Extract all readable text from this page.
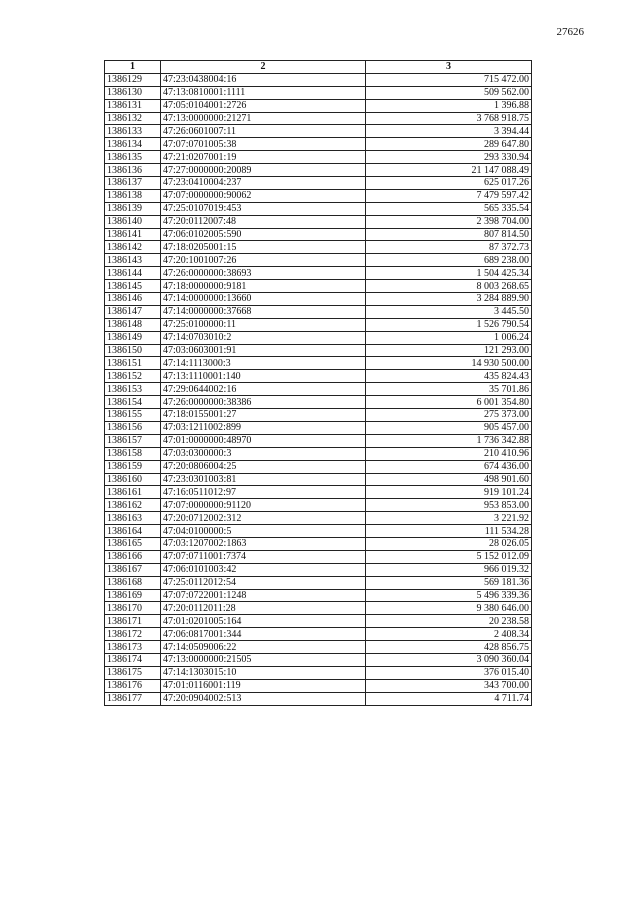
27626
1	2	3
1386129	47:23:0438004:16	715 472.00
1386130	47:13:0810001:1111	509 562.00
1386131	47:05:0104001:2726	1 396.88
1386132	47:13:0000000:21271	3 768 918.75
1386133	47:26:0601007:11	3 394.44
1386134	47:07:0701005:38	289 647.80
1386135	47:21:0207001:19	293 330.94
1386136	47:27:0000000:20089	21 147 088.49
1386137	47:23:0410004:237	625 017.26
1386138	47:07:0000000:90062	7 479 597.42
1386139	47:25:0107019:453	565 335.54
1386140	47:20:0112007:48	2 398 704.00
1386141	47:06:0102005:590	807 814.50
1386142	47:18:0205001:15	87 372.73
1386143	47:20:1001007:26	689 238.00
1386144	47:26:0000000:38693	1 504 425.34
1386145	47:18:0000000:9181	8 003 268.65
1386146	47:14:0000000:13660	3 284 889.90
1386147	47:14:0000000:37668	3 445.50
1386148	47:25:0100000:11	1 526 790.54
1386149	47:14:0703010:2	1 006.24
1386150	47:03:0603001:91	121 293.00
1386151	47:14:1113000:3	14 930 500.00
1386152	47:13:1110001:140	435 824.43
1386153	47:29:0644002:16	35 701.86
1386154	47:26:0000000:38386	6 001 354.80
1386155	47:18:0155001:27	275 373.00
1386156	47:03:1211002:899	905 457.00
1386157	47:01:0000000:48970	1 736 342.88
1386158	47:03:0300000:3	210 410.96
1386159	47:20:0806004:25	674 436.00
1386160	47:23:0301003:81	498 901.60
1386161	47:16:0511012:97	919 101.24
1386162	47:07:0000000:91120	953 853.00
1386163	47:20:0712002:312	3 221.92
1386164	47:04:0100000:5	111 534.28
1386165	47:03:1207002:1863	28 026.05
1386166	47:07:0711001:7374	5 152 012.09
1386167	47:06:0101003:42	966 019.32
1386168	47:25:0112012:54	569 181.36
1386169	47:07:0722001:1248	5 496 339.36
1386170	47:20:0112011:28	9 380 646.00
1386171	47:01:0201005:164	20 238.58
1386172	47:06:0817001:344	2 408.34
1386173	47:14:0509006:22	428 856.75
1386174	47:13:0000000:21505	3 090 360.04
1386175	47:14:1303015:10	376 015.40
1386176	47:01:0116001:119	343 700.00
1386177	47:20:0904002:513	4 711.74
